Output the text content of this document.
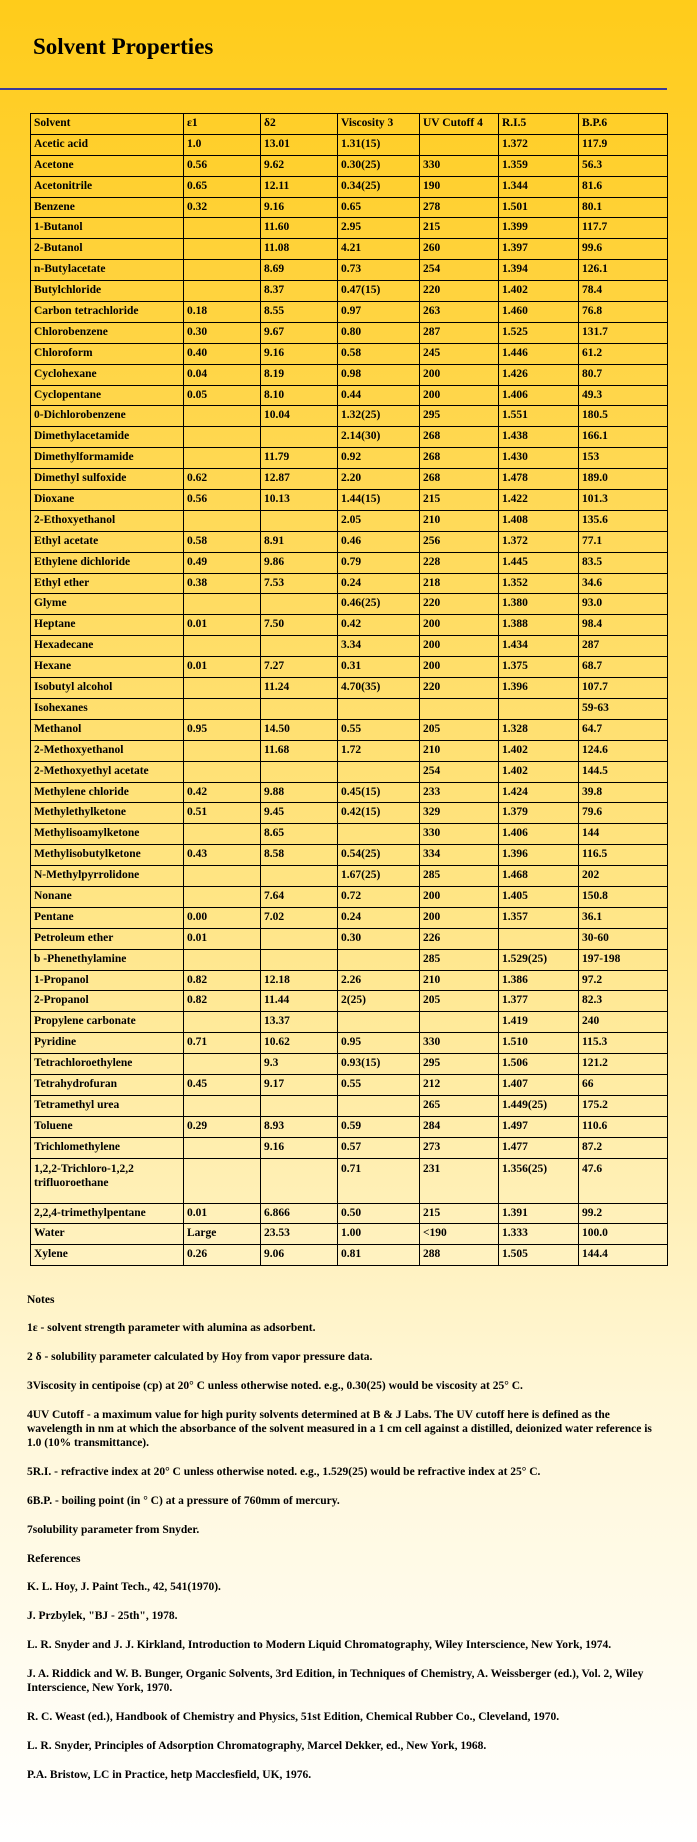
Solvent Properties
Solvent	ε1	δ2	Viscosity 3	UV Cutoff 4	R.I.5	B.P.6
Acetic acid	1.0	13.01	1.31(15)		1.372	117.9
Acetone	0.56	9.62	0.30(25)	330	1.359	56.3
Acetonitrile	0.65	12.11	0.34(25)	190	1.344	81.6
Benzene	0.32	9.16	0.65	278	1.501	80.1
1-Butanol		11.60	2.95	215	1.399	117.7
2-Butanol		11.08	4.21	260	1.397	99.6
n-Butylacetate		8.69	0.73	254	1.394	126.1
Butylchloride		8.37	0.47(15)	220	1.402	78.4
Carbon tetrachloride	0.18	8.55	0.97	263	1.460	76.8
Chlorobenzene	0.30	9.67	0.80	287	1.525	131.7
Chloroform	0.40	9.16	0.58	245	1.446	61.2
Cyclohexane	0.04	8.19	0.98	200	1.426	80.7
Cyclopentane	0.05	8.10	0.44	200	1.406	49.3
0-Dichlorobenzene		10.04	1.32(25)	295	1.551	180.5
Dimethylacetamide			2.14(30)	268	1.438	166.1
Dimethylformamide		11.79	0.92	268	1.430	153
Dimethyl sulfoxide	0.62	12.87	2.20	268	1.478	189.0
Dioxane	0.56	10.13	1.44(15)	215	1.422	101.3
2-Ethoxyethanol			2.05	210	1.408	135.6
Ethyl acetate	0.58	8.91	0.46	256	1.372	77.1
Ethylene dichloride	0.49	9.86	0.79	228	1.445	83.5
Ethyl ether	0.38	7.53	0.24	218	1.352	34.6
Glyme			0.46(25)	220	1.380	93.0
Heptane	0.01	7.50	0.42	200	1.388	98.4
Hexadecane			3.34	200	1.434	287
Hexane	0.01	7.27	0.31	200	1.375	68.7
Isobutyl alcohol		11.24	4.70(35)	220	1.396	107.7
Isohexanes						59-63
Methanol	0.95	14.50	0.55	205	1.328	64.7
2-Methoxyethanol		11.68	1.72	210	1.402	124.6
2-Methoxyethyl acetate				254	1.402	144.5
Methylene chloride	0.42	9.88	0.45(15)	233	1.424	39.8
Methylethylketone	0.51	9.45	0.42(15)	329	1.379	79.6
Methylisoamylketone		8.65		330	1.406	144
Methylisobutylketone	0.43	8.58	0.54(25)	334	1.396	116.5
N-Methylpyrrolidone			1.67(25)	285	1.468	202
Nonane		7.64	0.72	200	1.405	150.8
Pentane	0.00	7.02	0.24	200	1.357	36.1
Petroleum ether	0.01		0.30	226		30-60
b -Phenethylamine				285	1.529(25)	197-198
1-Propanol	0.82	12.18	2.26	210	1.386	97.2
2-Propanol	0.82	11.44	2(25)	205	1.377	82.3
Propylene carbonate		13.37			1.419	240
Pyridine	0.71	10.62	0.95	330	1.510	115.3
Tetrachloroethylene		9.3	0.93(15)	295	1.506	121.2
Tetrahydrofuran	0.45	9.17	0.55	212	1.407	66
Tetramethyl urea				265	1.449(25)	175.2
Toluene	0.29	8.93	0.59	284	1.497	110.6
Trichlomethylene		9.16	0.57	273	1.477	87.2
1,2,2-Trichloro-1,2,2 trifluoroethane			0.71	231	1.356(25)	47.6
2,2,4-trimethylpentane	0.01	6.866	0.50	215	1.391	99.2
Water	Large	23.53	1.00	<190	1.333	100.0
Xylene	0.26	9.06	0.81	288	1.505	144.4

Notes

1ε - solvent strength parameter with alumina as adsorbent.

2 δ - solubility parameter calculated by Hoy from vapor pressure data.

3Viscosity in centipoise (cp) at 20° C unless otherwise noted. e.g., 0.30(25) would be viscosity at 25° C.

4UV Cutoff - a maximum value for high purity solvents determined at B & J Labs. The UV cutoff here is defined as the wavelength in nm at which the absorbance of the solvent measured in a 1 cm cell against a distilled, deionized water reference is 1.0 (10% transmittance).

5R.I. - refractive index at 20° C unless otherwise noted. e.g., 1.529(25) would be refractive index at 25° C.

6B.P. - boiling point (in ° C) at a pressure of 760mm of mercury.

7solubility parameter from Snyder.

References

K. L. Hoy, J. Paint Tech., 42, 541(1970).

J. Przbylek, "BJ - 25th", 1978.

L. R. Snyder and J. J. Kirkland, Introduction to Modern Liquid Chromatography, Wiley Interscience, New York, 1974.

J. A. Riddick and W. B. Bunger, Organic Solvents, 3rd Edition, in Techniques of Chemistry, A. Weissberger (ed.), Vol. 2, Wiley Interscience, New York, 1970.

R. C. Weast (ed.), Handbook of Chemistry and Physics, 51st Edition, Chemical Rubber Co., Cleveland, 1970.

L. R. Snyder, Principles of Adsorption Chromatography, Marcel Dekker, ed., New York, 1968.

P.A. Bristow, LC in Practice, hetp Macclesfield, UK, 1976.
